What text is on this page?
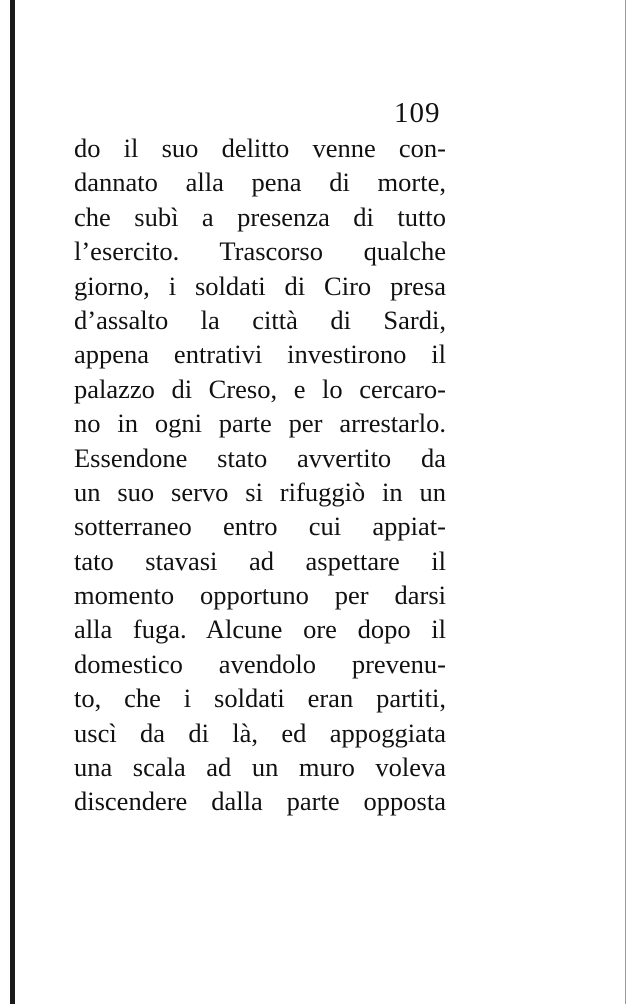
109
do il suo delitto venne con-
dannato alla pena di morte,
che subì a presenza di tutto
l’esercito. Trascorso qualche
giorno, i soldati di Ciro presa
d’assalto la città di Sardi,
appena entrativi investirono il
palazzo di Creso, e lo cercaro-
no in ogni parte per arrestarlo.
Essendone stato avvertito da
un suo servo si rifuggiò in un
sotterraneo entro cui appiat-
tato stavasi ad aspettare il
momento opportuno per darsi
alla fuga. Alcune ore dopo il
domestico avendolo prevenu-
to, che i soldati eran partiti,
uscì da di là, ed appoggiata
una scala ad un muro voleva
discendere dalla parte opposta
